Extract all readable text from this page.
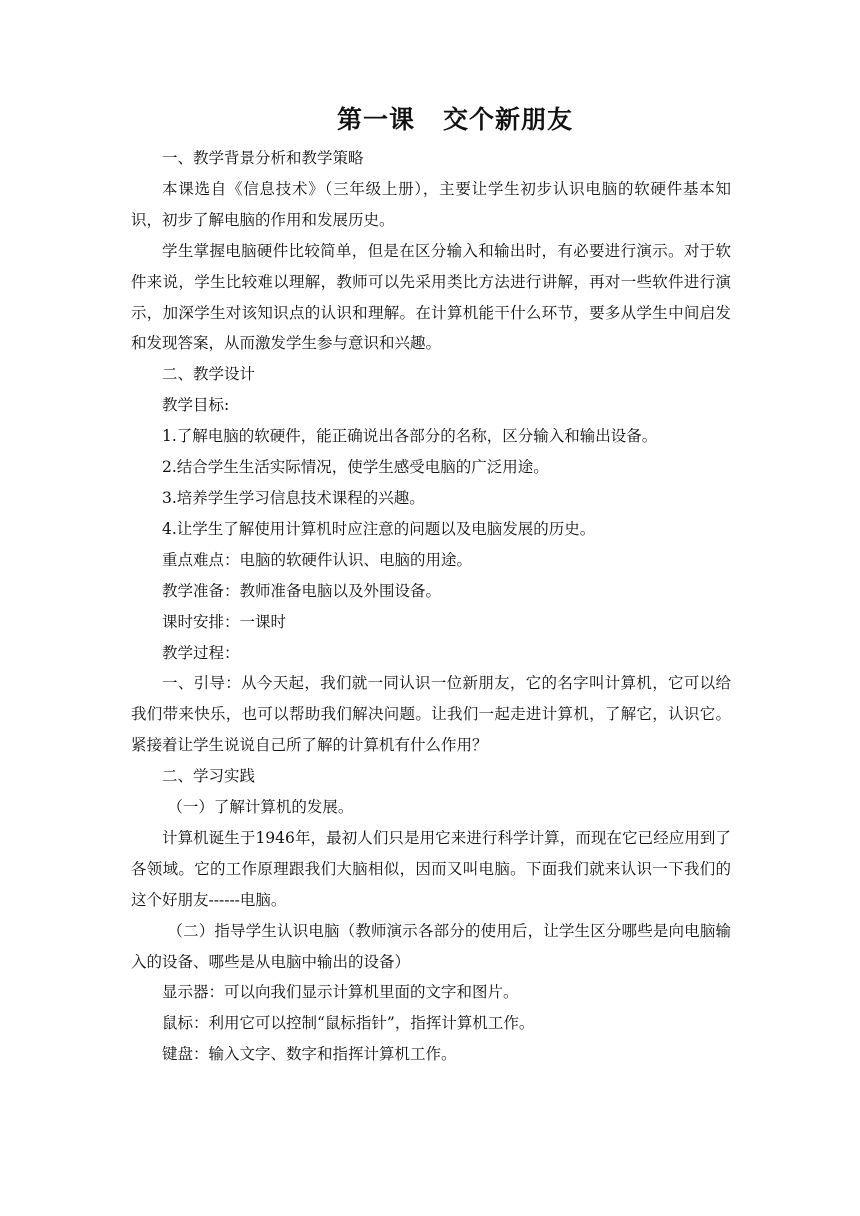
第一课 交个新朋友

一、教学背景分析和教学策略

本课选自《信息技术》（三年级上册），主要让学生初步认识电脑的软硬件基本知识，初步了解电脑的作用和发展历史。

学生掌握电脑硬件比较简单，但是在区分输入和输出时，有必要进行演示。对于软件来说，学生比较难以理解，教师可以先采用类比方法进行讲解，再对一些软件进行演示，加深学生对该知识点的认识和理解。在计算机能干什么环节，要多从学生中间启发和发现答案，从而激发学生参与意识和兴趣。

二、教学设计

教学目标:

1.了解电脑的软硬件，能正确说出各部分的名称，区分输入和输出设备。

2.结合学生生活实际情况，使学生感受电脑的广泛用途。

3.培养学生学习信息技术课程的兴趣。

4.让学生了解使用计算机时应注意的问题以及电脑发展的历史。

重点难点：电脑的软硬件认识、电脑的用途。

教学准备：教师准备电脑以及外围设备。

课时安排：一课时

教学过程：

一、引导：从今天起，我们就一同认识一位新朋友，它的名字叫计算机，它可以给我们带来快乐，也可以帮助我们解决问题。让我们一起走进计算机，了解它，认识它。紧接着让学生说说自己所了解的计算机有什么作用？

二、学习实践

（一）了解计算机的发展。

计算机诞生于1946年，最初人们只是用它来进行科学计算，而现在它已经应用到了各领域。它的工作原理跟我们大脑相似，因而又叫电脑。下面我们就来认识一下我们的这个好朋友------电脑。

（二）指导学生认识电脑（教师演示各部分的使用后，让学生区分哪些是向电脑输入的设备、哪些是从电脑中输出的设备）

显示器：可以向我们显示计算机里面的文字和图片。

鼠标：利用它可以控制“鼠标指针”，指挥计算机工作。

键盘：输入文字、数字和指挥计算机工作。
